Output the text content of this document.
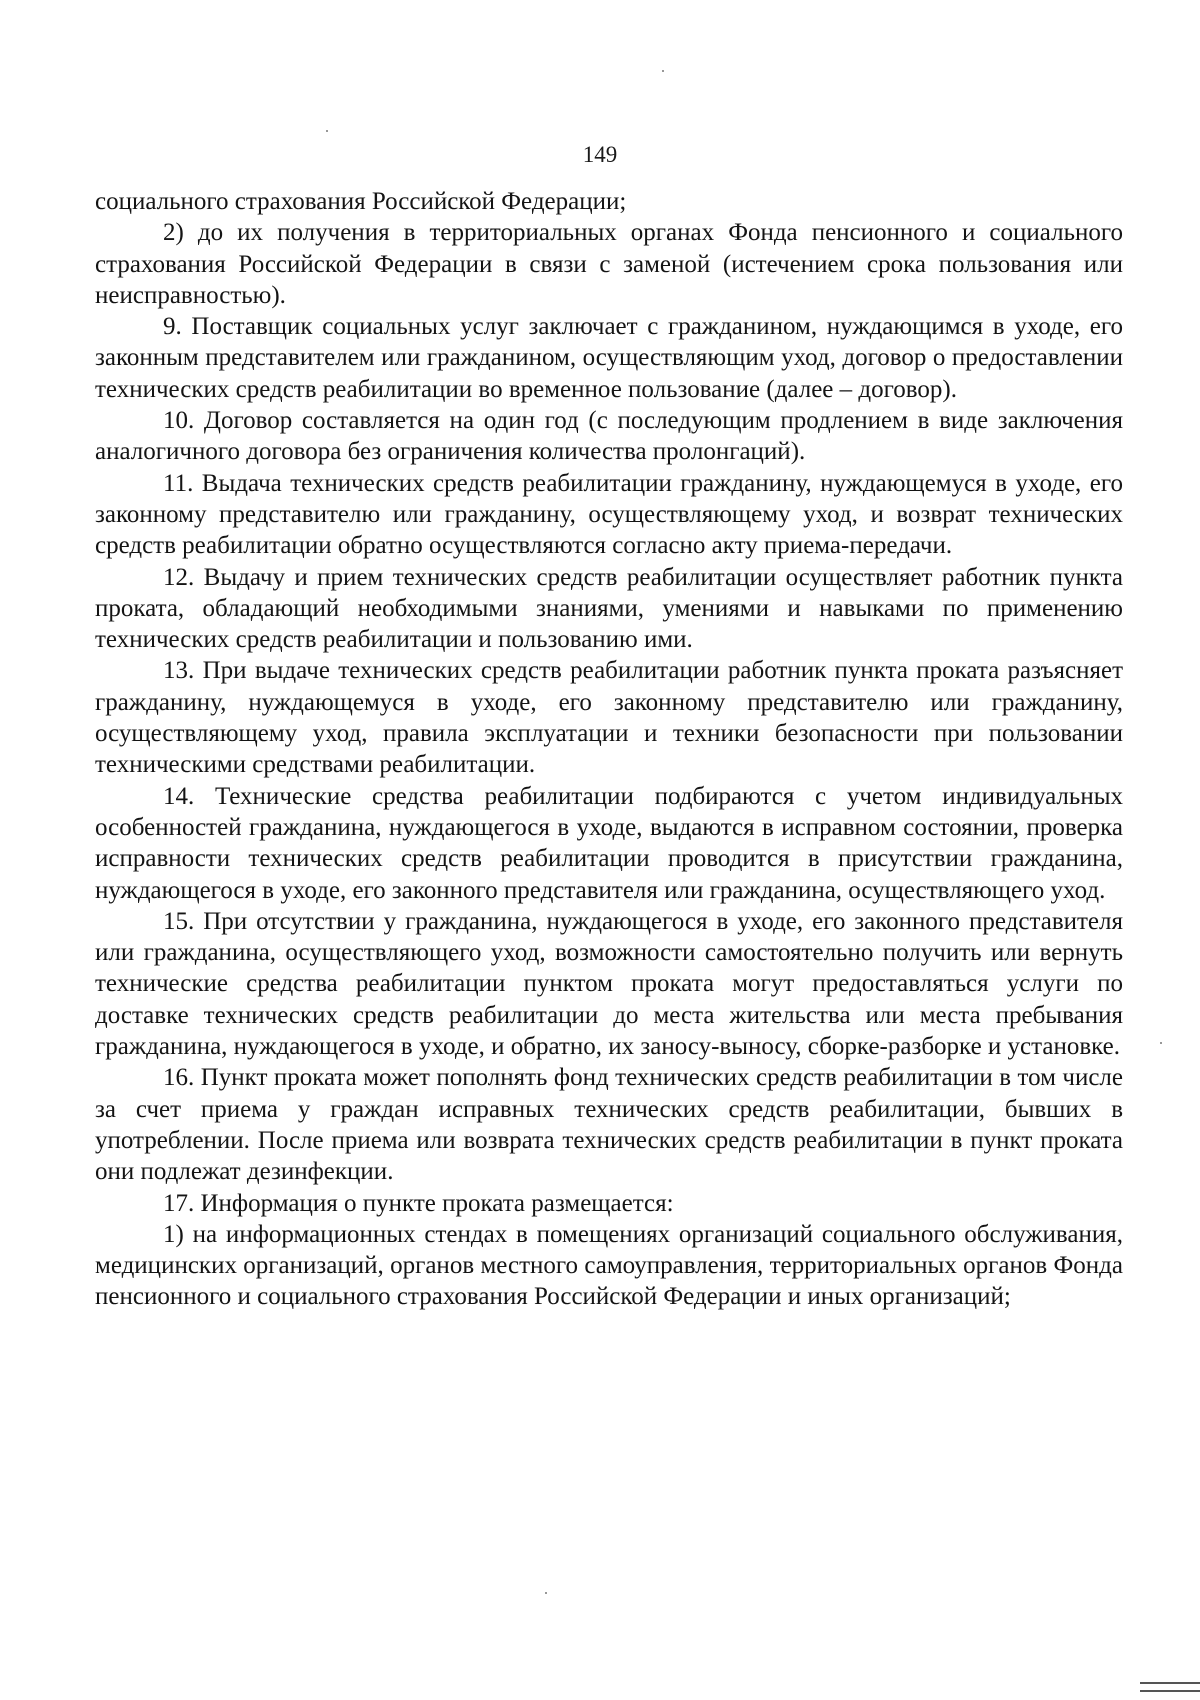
149

социального страхования Российской Федерации;

2) до их получения в территориальных органах Фонда пенсионного и социального страхования Российской Федерации в связи с заменой (истечением срока пользования или неисправностью).

9. Поставщик социальных услуг заключает с гражданином, нуждающимся в уходе, его законным представителем или гражданином, осуществляющим уход, договор о предоставлении технических средств реабилитации во временное пользование (далее – договор).

10. Договор составляется на один год (с последующим продлением в виде заключения аналогичного договора без ограничения количества пролонгаций).

11. Выдача технических средств реабилитации гражданину, нуждающемуся в уходе, его законному представителю или гражданину, осуществляющему уход, и возврат технических средств реабилитации обратно осуществляются согласно акту приема-передачи.

12. Выдачу и прием технических средств реабилитации осуществляет работник пункта проката, обладающий необходимыми знаниями, умениями и навыками по применению технических средств реабилитации и пользованию ими.

13. При выдаче технических средств реабилитации работник пункта проката разъясняет гражданину, нуждающемуся в уходе, его законному представителю или гражданину, осуществляющему уход, правила эксплуатации и техники безопасности при пользовании техническими средствами реабилитации.

14. Технические средства реабилитации подбираются с учетом индивидуальных особенностей гражданина, нуждающегося в уходе, выдаются в исправном состоянии, проверка исправности технических средств реабилитации проводится в присутствии гражданина, нуждающегося в уходе, его законного представителя или гражданина, осуществляющего уход.

15. При отсутствии у гражданина, нуждающегося в уходе, его законного представителя или гражданина, осуществляющего уход, возможности самостоятельно получить или вернуть технические средства реабилитации пунктом проката могут предоставляться услуги по доставке технических средств реабилитации до места жительства или места пребывания гражданина, нуждающегося в уходе, и обратно, их заносу-выносу, сборке-разборке и установке.

16. Пункт проката может пополнять фонд технических средств реабилитации в том числе за счет приема у граждан исправных технических средств реабилитации, бывших в употреблении. После приема или возврата технических средств реабилитации в пункт проката они подлежат дезинфекции.

17. Информация о пункте проката размещается:

1) на информационных стендах в помещениях организаций социального обслуживания, медицинских организаций, органов местного самоуправления, территориальных органов Фонда пенсионного и социального страхования Российской Федерации и иных организаций;
